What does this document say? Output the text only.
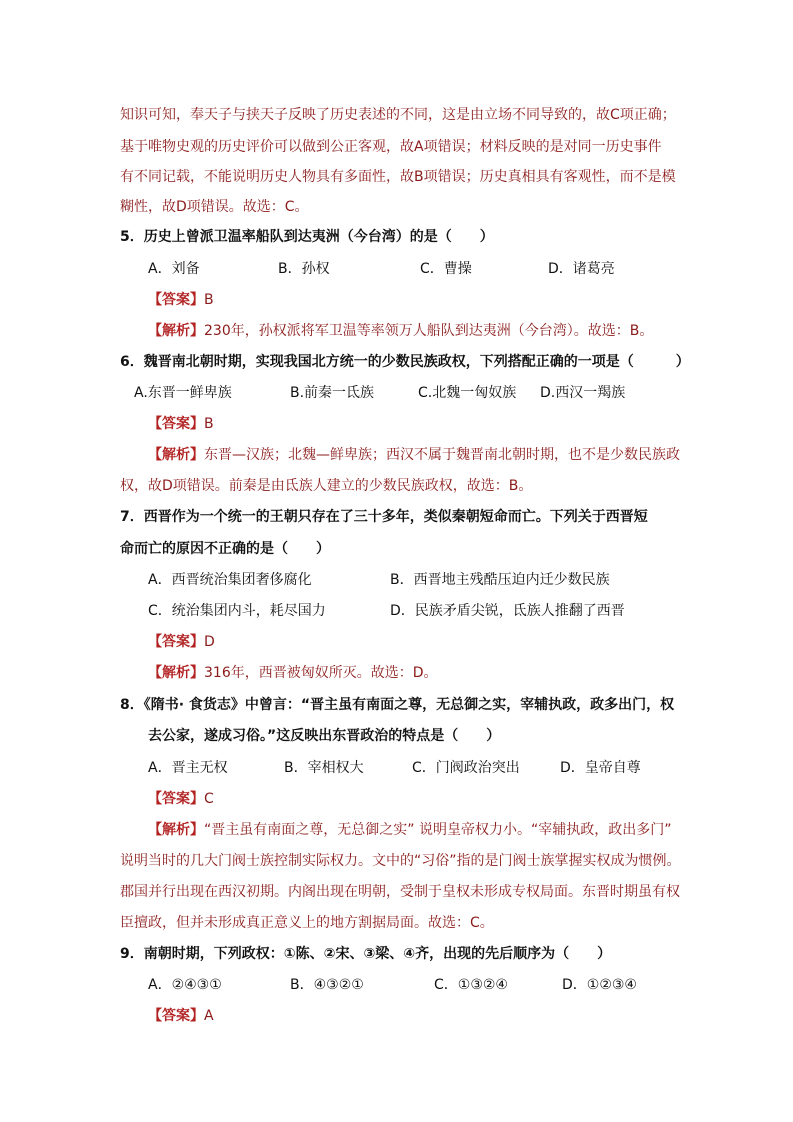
知识可知，奉天子与挟天子反映了历史表述的不同，这是由立场不同导致的，故C项正确；
基于唯物史观的历史评价可以做到公正客观，故A项错误；材料反映的是对同一历史事件
有不同记载，不能说明历史人物具有多面性，故B项错误；历史真相具有客观性，而不是模
糊性，故D项错误。故选：C。
5．历史上曾派卫温率船队到达夷洲（今台湾）的是（　　）
A．刘备	B．孙权	C．曹操	D．诸葛亮
【答案】B
【解析】230年，孙权派将军卫温等率领万人船队到达夷洲（今台湾）。故选：B。
6．魏晋南北朝时期，实现我国北方统一的少数民族政权，下列搭配正确的一项是（　　　）
A.东晋一鲜卑族	B.前秦一氐族	C.北魏一匈奴族 D.西汉一羯族
【答案】B
【解析】东晋—汉族；北魏—鲜卑族；西汉不属于魏晋南北朝时期，也不是少数民族政
权，故D项错误。前秦是由氐族人建立的少数民族政权，故选：B。
7．西晋作为一个统一的王朝只存在了三十多年，类似秦朝短命而亡。下列关于西晋短
命而亡的原因不正确的是（　　）
A．西晋统治集团奢侈腐化	B．西晋地主残酷压迫内迁少数民族
C．统治集团内斗，耗尽国力	D．民族矛盾尖锐，氐族人推翻了西晋
【答案】D
【解析】316年，西晋被匈奴所灭。故选：D。
8．《隋书· 食货志》中曾言：“晋主虽有南面之尊，无总御之实，宰辅执政，政多出门，权
去公家，遂成习俗。”这反映出东晋政治的特点是（　　）
A．晋主无权	B．宰相权大	C．门阀政治突出	D．皇帝自尊
【答案】C
【解析】“晋主虽有南面之尊，无总御之实” 说明皇帝权力小。“宰辅执政，政出多门”
说明当时的几大门阀士族控制实际权力。文中的“习俗”指的是门阀士族掌握实权成为惯例。
郡国并行出现在西汉初期。内阁出现在明朝，受制于皇权未形成专权局面。东晋时期虽有权
臣擅政，但并未形成真正意义上的地方割据局面。故选：C。
9．南朝时期，下列政权：①陈、②宋、③梁、④齐，出现的先后顺序为（　　）
A．②④③①	B．④③②①	C．①③②④	D．①②③④
【答案】A
